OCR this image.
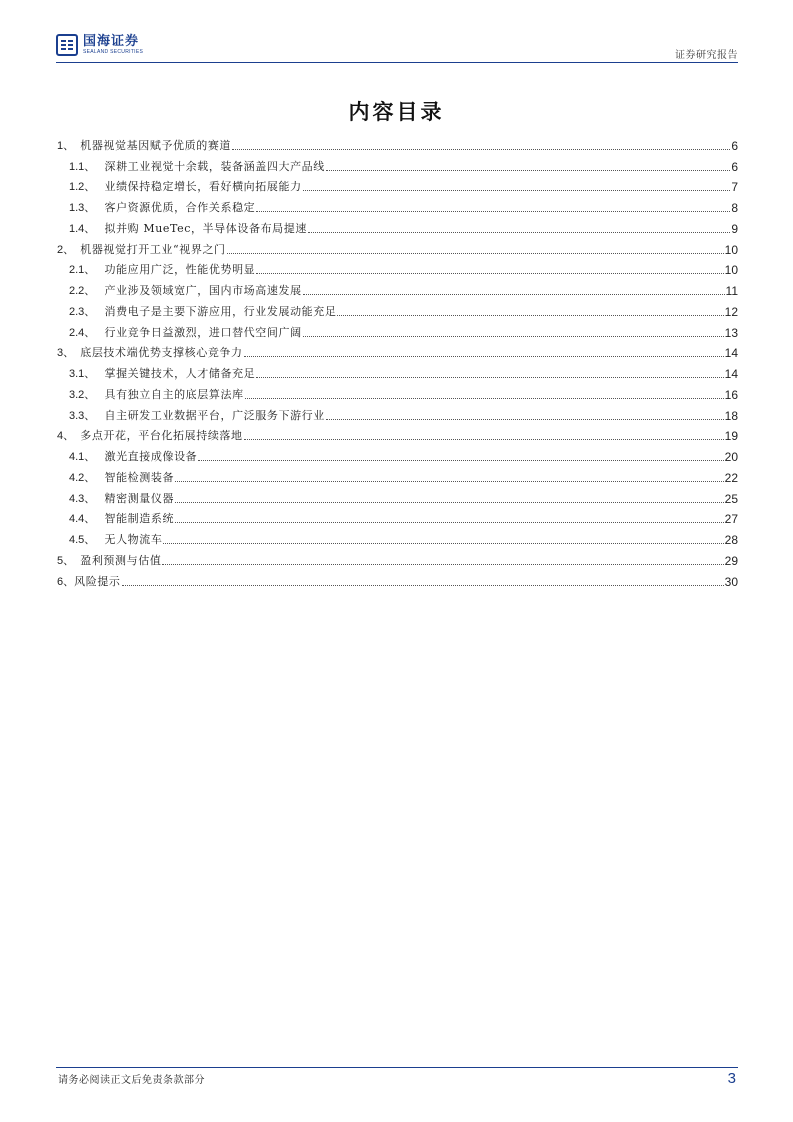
国海证券
SEALAND SECURITIES	证券研究报告
内容目录
1、 机器视觉基因赋予优质的赛道	6
1.1、 深耕工业视觉十余载，装备涵盖四大产品线	6
1.2、 业绩保持稳定增长，看好横向拓展能力	7
1.3、 客户资源优质，合作关系稳定	8
1.4、 拟并购 MueTec，半导体设备布局提速	9
2、 机器视觉打开工业“视界之门	10
2.1、 功能应用广泛，性能优势明显	10
2.2、 产业涉及领域宽广，国内市场高速发展	11
2.3、 消费电子是主要下游应用，行业发展动能充足	12
2.4、 行业竞争日益激烈，进口替代空间广阔	13
3、 底层技术端优势支撑核心竞争力	14
3.1、 掌握关键技术，人才储备充足	14
3.2、 具有独立自主的底层算法库	16
3.3、 自主研发工业数据平台，广泛服务下游行业	18
4、 多点开花，平台化拓展持续落地	19
4.1、 激光直接成像设备	20
4.2、 智能检测装备	22
4.3、 精密测量仪器	25
4.4、 智能制造系统	27
4.5、 无人物流车	28
5、 盈利预测与估值	29
6、 风险提示	30
请务必阅读正文后免责条款部分	3
